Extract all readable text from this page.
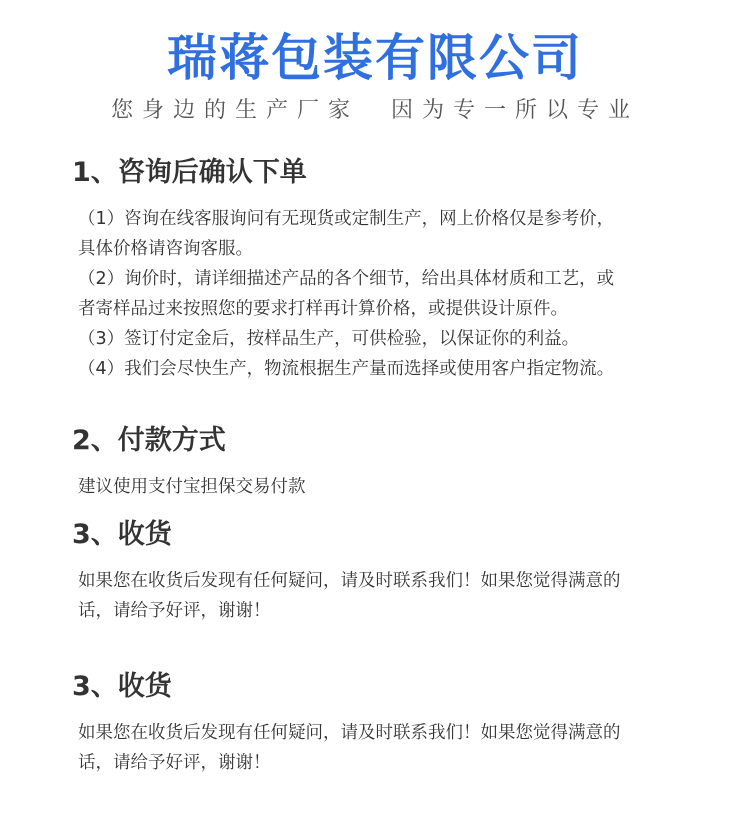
瑞蒋包装有限公司
您身边的生产厂家  因为专一所以专业
1、咨询后确认下单

（1）咨询在线客服询问有无现货或定制生产，网上价格仅是参考价，

具体价格请咨询客服。

（2）询价时，请详细描述产品的各个细节，给出具体材质和工艺，或

者寄样品过来按照您的要求打样再计算价格，或提供设计原件。

（3）签订付定金后，按样品生产，可供检验，以保证你的利益。

（4）我们会尽快生产，物流根据生产量而选择或使用客户指定物流。

2、付款方式

建议使用支付宝担保交易付款

3、收货

如果您在收货后发现有任何疑问，请及时联系我们！如果您觉得满意的

话，请给予好评，谢谢！

3、收货

如果您在收货后发现有任何疑问，请及时联系我们！如果您觉得满意的

话，请给予好评，谢谢！
